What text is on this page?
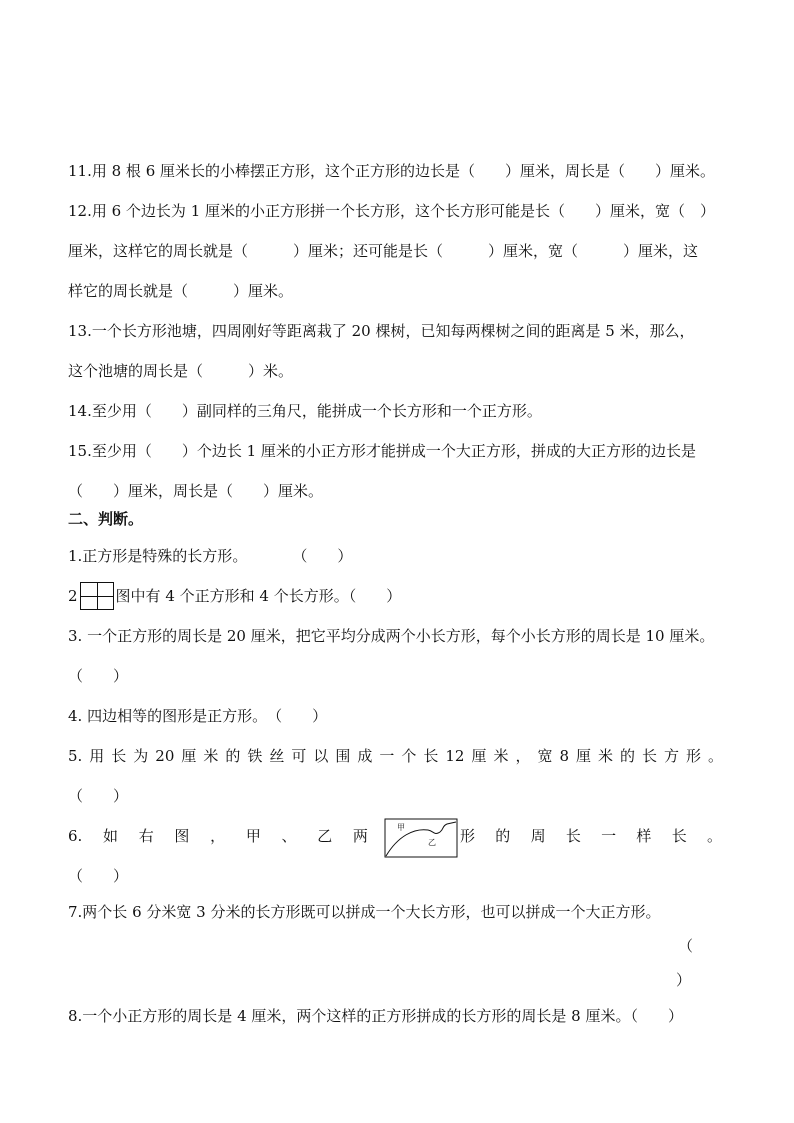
11.用 8 根 6 厘米长的小棒摆正方形，这个正方形的边长是（　　）厘米，周长是（　　）厘米。
12.用 6 个边长为 1 厘米的小正方形拼一个长方形，这个长方形可能是长（　　）厘米，宽（　）
厘米，这样它的周长就是（　　　）厘米；还可能是长（　　　）厘米，宽（　　　）厘米，这
样它的周长就是（　　　）厘米。
13.一个长方形池塘，四周刚好等距离栽了 20 棵树，已知每两棵树之间的距离是 5 米，那么，
这个池塘的周长是（　　　）米。
14.至少用（　　）副同样的三角尺，能拼成一个长方形和一个正方形。
15.至少用（　　）个边长 1 厘米的小正方形才能拼成一个大正方形，拼成的大正方形的边长是
（　　）厘米，周长是（　　）厘米。
二、判断。
1.正方形是特殊的长方形。　　　　（　　）
2	图中有 4 个正方形和 4 个长方形。（　　）
3. 一个正方形的周长是 20 厘米，把它平均分成两个小长方形，每个小长方形的周长是 10 厘米。
（　　）
4. 四边相等的图形是正方形。　（　　）
5. 用 长 为 20 厘 米 的 铁 丝 可 以 围 成 一 个 长 12 厘 米 ， 宽 8 厘 米 的 长 方 形 。
（　　）
6. 如 右 图 ， 甲 、 乙 两	甲
乙 形 的 周 长 一 样 长 。
（　　）
7.两个长 6 分米宽 3 分米的长方形既可以拼成一个大长方形，也可以拼成一个大正方形。
（
）
8.一个小正方形的周长是 4 厘米，两个这样的正方形拼成的长方形的周长是 8 厘米。（　　）
